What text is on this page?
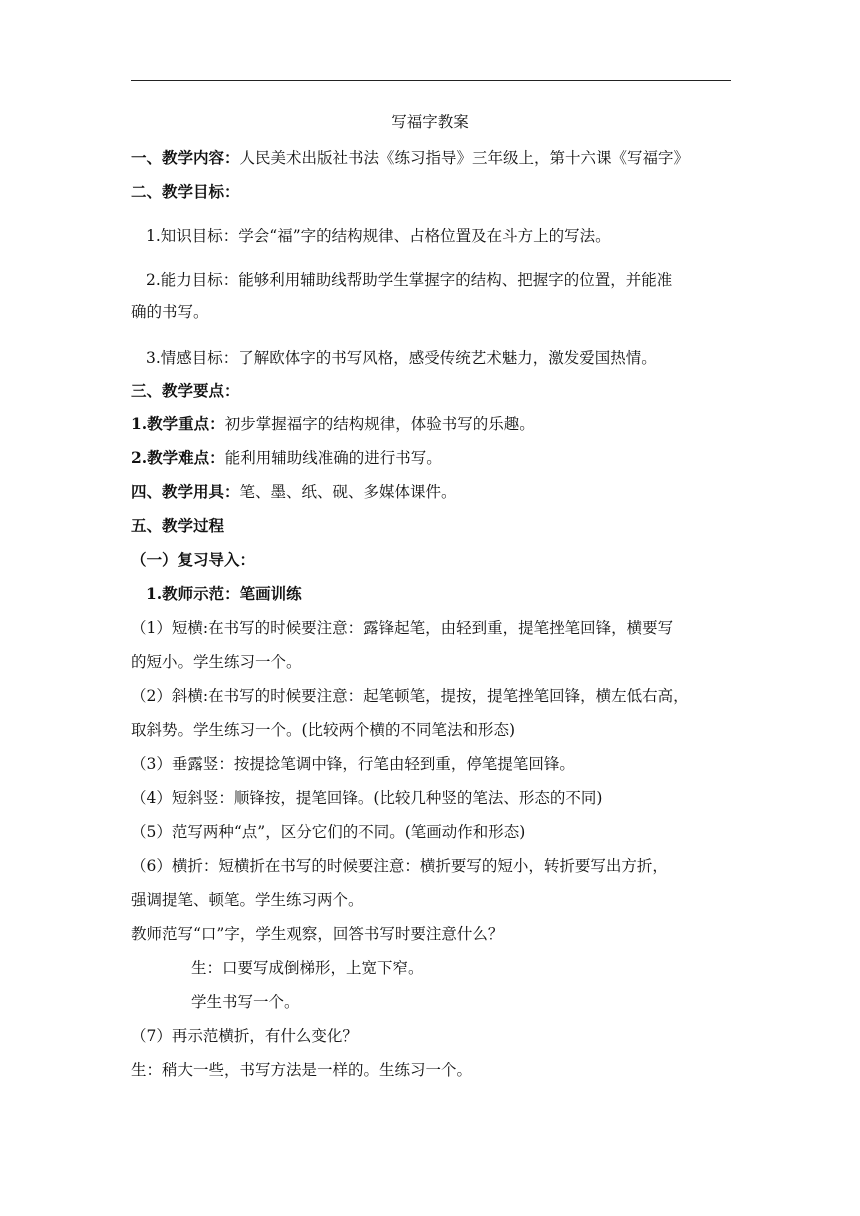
写福字教案
一、教学内容：人民美术出版社书法《练习指导》三年级上，第十六课《写福字》
二、教学目标：
1.知识目标：学会“福”字的结构规律、占格位置及在斗方上的写法。
2.能力目标：能够利用辅助线帮助学生掌握字的结构、把握字的位置，并能准
确的书写。
3.情感目标：了解欧体字的书写风格，感受传统艺术魅力，激发爱国热情。
三、教学要点：
1.教学重点：初步掌握福字的结构规律，体验书写的乐趣。
2.教学难点：能利用辅助线准确的进行书写。
四、教学用具：笔、墨、纸、砚、多媒体课件。
五、教学过程
（一）复习导入：
1.教师示范：笔画训练
（1）短横:在书写的时候要注意：露锋起笔，由轻到重，提笔挫笔回锋，横要写
的短小。学生练习一个。
（2）斜横:在书写的时候要注意：起笔顿笔，提按，提笔挫笔回锋，横左低右高，
取斜势。学生练习一个。(比较两个横的不同笔法和形态)
（3）垂露竖：按提捻笔调中锋，行笔由轻到重，停笔提笔回锋。
（4）短斜竖：顺锋按，提笔回锋。(比较几种竖的笔法、形态的不同)
（5）范写两种“点”，区分它们的不同。(笔画动作和形态)
（6）横折：短横折在书写的时候要注意：横折要写的短小，转折要写出方折，
强调提笔、顿笔。学生练习两个。
教师范写“口”字，学生观察，回答书写时要注意什么？
生：口要写成倒梯形，上宽下窄。
学生书写一个。
（7）再示范横折，有什么变化？
生：稍大一些，书写方法是一样的。生练习一个。
